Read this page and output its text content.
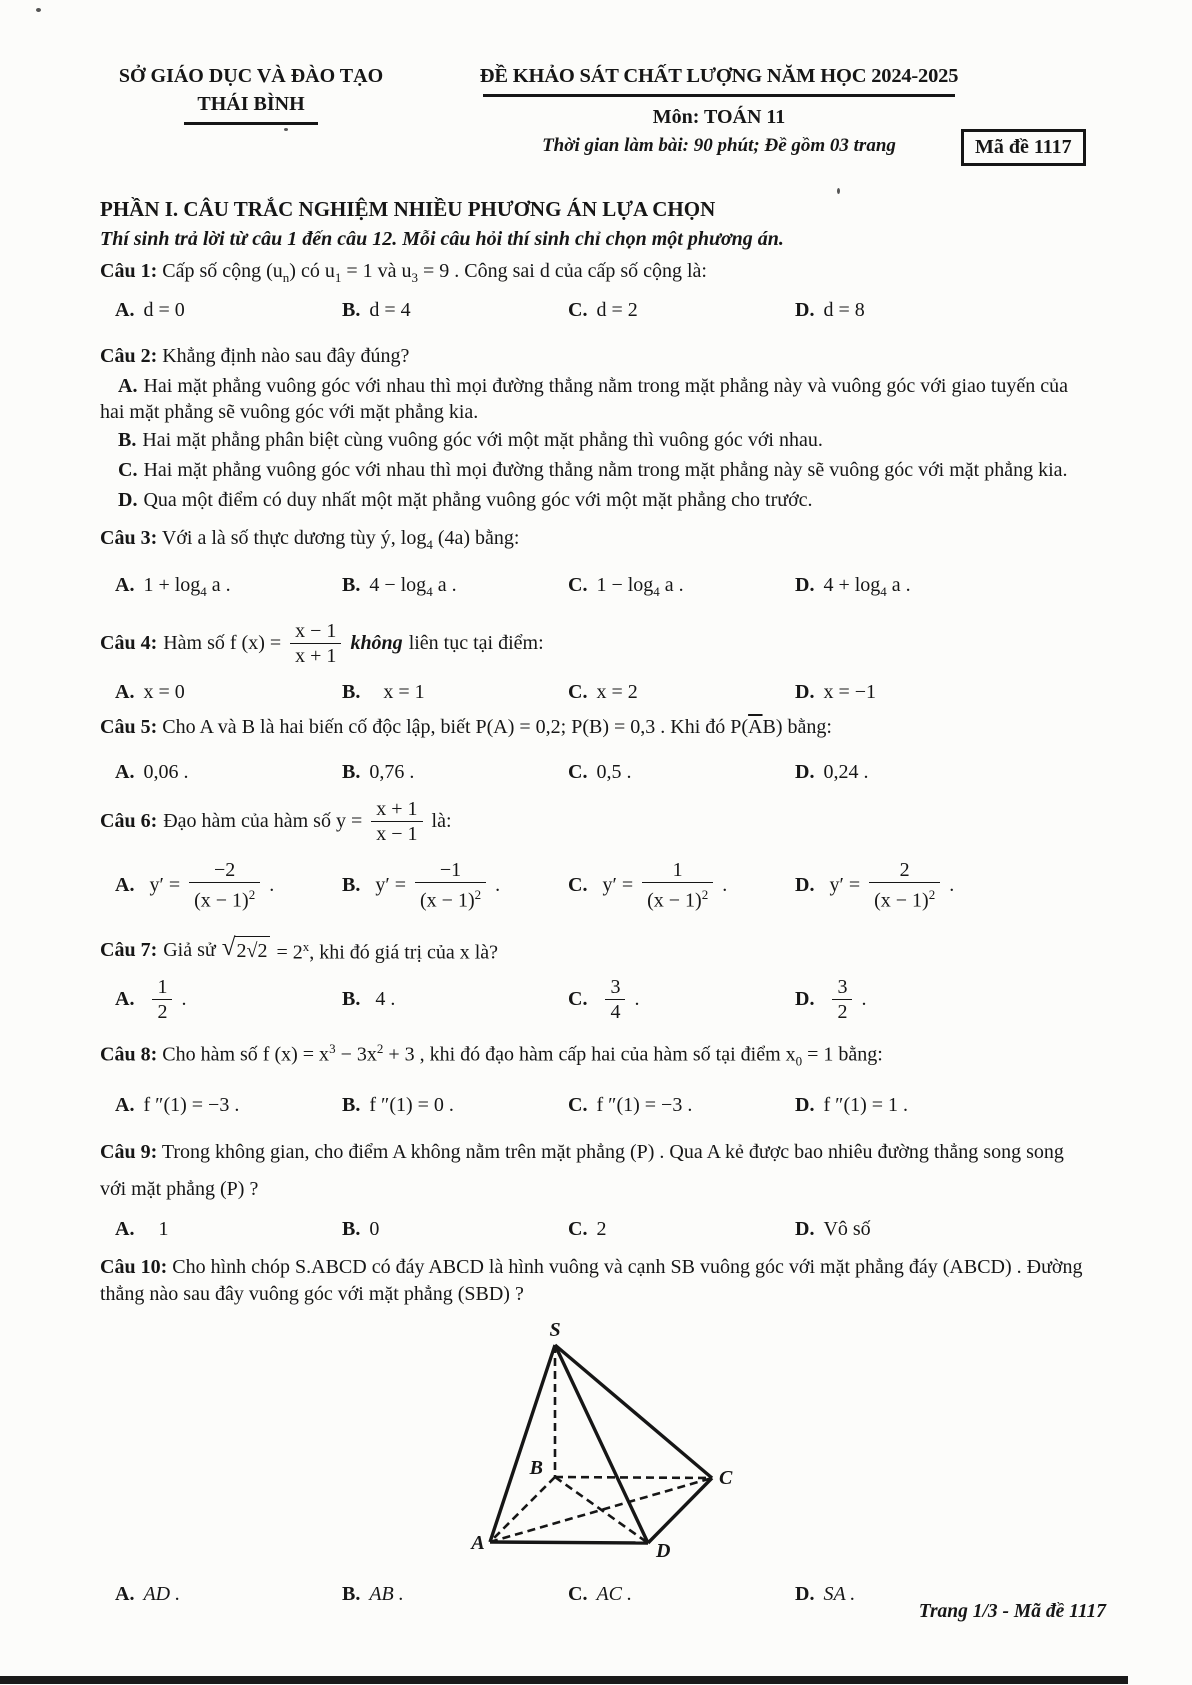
SỞ GIÁO DỤC VÀ ĐÀO TẠO
THÁI BÌNH
ĐỀ KHẢO SÁT CHẤT LƯỢNG NĂM HỌC 2024-2025
Môn: TOÁN 11
Thời gian làm bài: 90 phút; Đề gồm 03 trang	Mã đề 1117
PHẦN I. CÂU TRẮC NGHIỆM NHIỀU PHƯƠNG ÁN LỰA CHỌN
Thí sinh trả lời từ câu 1 đến câu 12. Mỗi câu hỏi thí sinh chỉ chọn một phương án.
Câu 1: Cấp số cộng $(u_n)$ có $u_1 = 1$ và $u_3 = 9$ . Công sai d của cấp số cộng là:
A. d = 0	B. d = 4	C. d = 2	D. d = 8
Câu 2: Khẳng định nào sau đây đúng?
A. Hai mặt phẳng vuông góc với nhau thì mọi đường thẳng nằm trong mặt phẳng này và vuông góc với giao tuyến của hai mặt phẳng sẽ vuông góc với mặt phẳng kia.
B. Hai mặt phẳng phân biệt cùng vuông góc với một mặt phẳng thì vuông góc với nhau.
C. Hai mặt phẳng vuông góc với nhau thì mọi đường thẳng nằm trong mặt phẳng này sẽ vuông góc với mặt phẳng kia.
D. Qua một điểm có duy nhất một mặt phẳng vuông góc với một mặt phẳng cho trước.
Câu 3: Với a là số thực dương tùy ý, $\log_4 (4a)$ bằng:
A. $1 + \log_4 a$ .	B. $4 - \log_4 a$ .	C. $1 - \log_4 a$ .	D. $4 + \log_4 a$ .
Câu 4: Hàm số f $(x) = \frac{x - 1}{x + 1}$ không liên tục tại điểm:
A. x = 0	B. x = 1	C. x = 2	D. x = −1
Câu 5: Cho A và B là hai biến cố độc lập, biết P(A) = 0,2; P(B) = 0,3 . Khi đó $P(\overline{A}B)$ bằng:
A. 0,06 .	B. 0,76 .	C. 0,5 .	D. 0,24 .
Câu 6: Đạo hàm của hàm số $y = \frac{x + 1}{x - 1}$ là:
A. $y' = \frac{-2}{(x - 1)^2}$ .	B. $y' = \frac{-1}{(x - 1)^2}$ .	C. $y' = \frac{1}{(x - 1)^2}$ .	D. $y' = \frac{2}{(x - 1)^2}$ .
Câu 7: Giả sử √ $2√2 = 2^x$, khi đó giá trị của x là?
A. $\frac{1}{2}$ .	B. 4 .	C. $\frac{3}{4}$ .	D. $\frac{3}{2}$ .
Câu 8: Cho hàm số f $(x) = x^3 - 3x^2 + 3$ , khi đó đạo hàm cấp hai của hàm số tại điểm $x_0 = 1$ bằng:
A. f ″(1) = −3 .	B. f ″(1) = 0 .	C. f ″(1) = −3 .	D. f ″(1) = 1 .
Câu 9: Trong không gian, cho điểm A không nằm trên mặt phẳng (P) . Qua A kẻ được bao nhiêu đường thẳng song song với mặt phẳng (P) ?
A. 1	B. 0	C. 2	D. Vô số
Câu 10: Cho hình chóp S.ABCD có đáy ABCD là hình vuông và cạnh SB vuông góc với mặt phẳng đáy (ABCD) . Đường thẳng nào sau đây vuông góc với mặt phẳng (SBD) ?
S
A
B	C
D
A. AD .	B. AB .	C. AC .	D. SA .
Trang 1/3 - Mã đề 1117
